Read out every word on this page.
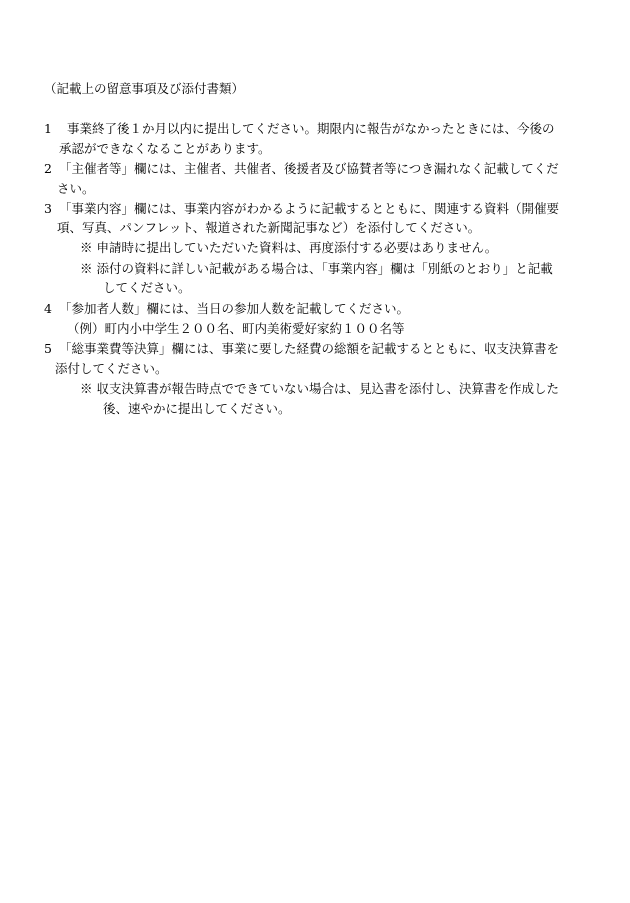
（記載上の留意事項及び添付書類）
1 事業終了後１か月以内に提出してください。期限内に報告がなかったときには、今後の
承認ができなくなることがあります。
2 「主催者等」欄には、主催者、共催者、後援者及び協賛者等につき漏れなく記載してくだ
さい。
3 「事業内容」欄には、事業内容がわかるように記載するとともに、関連する資料（開催要
項、写真、パンフレット、報道された新聞記事など）を添付してください。
※ 申請時に提出していただいた資料は、再度添付する必要はありません。
※ 添付の資料に詳しい記載がある場合は、「事業内容」欄は「別紙のとおり」と記載
してください。
4 「参加者人数」欄には、当日の参加人数を記載してください。
（例）町内小中学生２００名、町内美術愛好家約１００名等
5 「総事業費等決算」欄には、事業に要した経費の総額を記載するとともに、収支決算書を
添付してください。
※ 収支決算書が報告時点でできていない場合は、見込書を添付し、決算書を作成した
後、速やかに提出してください。
